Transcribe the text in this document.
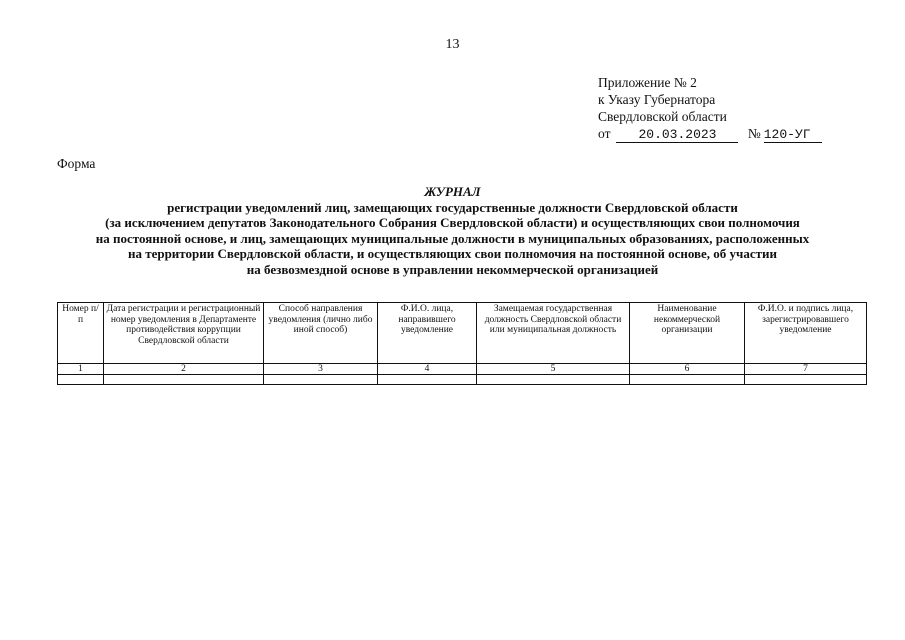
13
Приложение № 2
к Указу Губернатора
Свердловской области
от 20.03.2023 № 120-УГ
Форма
ЖУРНАЛ
регистрации уведомлений лиц, замещающих государственные должности Свердловской области
(за исключением депутатов Законодательного Собрания Свердловской области) и осуществляющих свои полномочия
на постоянной основе, и лиц, замещающих муниципальные должности в муниципальных образованиях, расположенных
на территории Свердловской области, и осуществляющих свои полномочия на постоянной основе, об участии
на безвозмездной основе в управлении некоммерческой организацией
Номер п/п	Дата регистрации и регистрационный номер уведомления в Департаменте противодействия коррупции Свердловской области	Способ направления уведомления (лично либо иной способ)	Ф.И.О. лица, направившего уведомление	Замещаемая государственная должность Свердловской области или муниципальная должность	Наименование некоммерческой организации	Ф.И.О. и подпись лица, зарегистрировавшего уведомление
1	2	3	4	5	6	7
